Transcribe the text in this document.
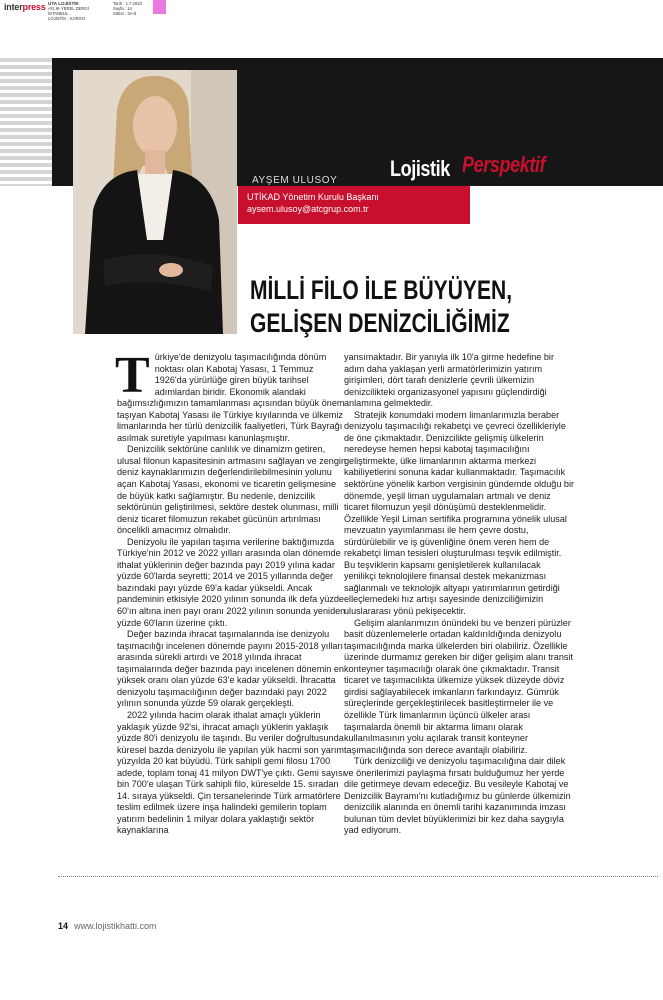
interpress UTA LOJİSTİK
AYLIK-YEREL DERGİ
İSTANBUL
LOJİSTİK - KARGO
Tarih : 1.7.2023
Sayfa : 14
Sütün : 3A-5
AYŞEM ULUSOY
UTİKAD Yönetim Kurulu Başkanı
aysem.ulusoy@atcgrup.com.tr
Lojistik Perspektif
MİLLİ FİLO İLE BÜYÜYEN,
GELİŞEN DENİZCİLİĞİMİZ

Türkiye'de denizyolu taşımacılığında dönüm noktası olan Kabotaj Yasası, 1 Temmuz 1926'da yürürlüğe giren büyük tarihsel adımlardan biridir. Ekonomik alandaki bağımsızlığımızın tamamlanması açısından büyük önem taşıyan Kabotaj Yasası ile Türkiye kıyılarında ve ülkemiz limanlarında her türlü denizcilik faaliyetleri, Türk Bayrağı asılmak suretiyle yapılması kanunlaşmıştır.

Denizcilik sektörüne canlılık ve dinamizm getiren, ulusal filonun kapasitesinin artmasını sağlayan ve zengin deniz kaynaklarımızın değerlendirilebilmesinin yolunu açan Kabotaj Yasası, ekonomi ve ticaretin gelişmesine de büyük katkı sağlamıştır. Bu nedenle, denizcilik sektörünün geliştirilmesi, sektöre destek olunması, milli deniz ticaret filomuzun rekabet gücünün artırılması öncelikli amacımız olmalıdır.

Denizyolu ile yapılan taşıma verilerine baktığımızda Türkiye'nin 2012 ve 2022 yılları arasında olan dönemde ithalat yüklerinin değer bazında payı 2019 yılına kadar yüzde 60'larda seyretti; 2014 ve 2015 yıllarında değer bazındaki payı yüzde 69'a kadar yükseldi. Ancak pandeminin etkisiyle 2020 yılının sonunda ilk defa yüzde 60'ın altına inen payı oranı 2022 yılının sonunda yeniden yüzde 60'ların üzerine çıktı.

Değer bazında ihracat taşımalarında ise denizyolu taşımacılığı incelenen dönemde payını 2015-2018 yılları arasında sürekli artırdı ve 2018 yılında ihracat taşımalarında değer bazında payı incelenen dönemin en yüksek oranı olan yüzde 63'e kadar yükseldi. İhracatta denizyolu taşımacılığının değer bazındaki payı 2022 yılının sonunda yüzde 59 olarak gerçekleşti.

2022 yılında hacim olarak ithalat amaçlı yüklerin yaklaşık yüzde 92'si, ihracat amaçlı yüklerin yaklaşık yüzde 80'i denizyolu ile taşındı. Bu veriler doğrultusunda küresel bazda denizyolu ile yapılan yük hacmi son yarım yüzyılda 20 kat büyüdü. Türk sahipli gemi filosu 1700 adede, toplam tonaj 41 milyon DWT'ye çıktı. Gemi sayısı bin 700'e ulaşan Türk sahipli filo, küreselde 15. sıradan 14. sıraya yükseldi. Çin tersanelerinde Türk armatörlere teslim edilmek üzere inşa halindeki gemilerin toplam yatırım bedelinin 1 milyar dolara yaklaştığı sektör kaynaklarına

yansımaktadır. Bir yanıyla ilk 10'a girme hedefine bir adım daha yaklaşan yerli armatörlerimizin yatırım girişimleri, dört tarafı denizlerle çevrili ülkemizin denizcilikteki organizasyonel yapısını güçlendirdiği anlamına gelmektedir.

Stratejik konumdaki modern limanlarımızla beraber denizyolu taşımacılığı rekabetçi ve çevreci özellikleriyle de öne çıkmaktadır. Denizcilikte gelişmiş ülkelerin neredeyse hemen hepsi kabotaj taşımacılığını geliştirmekte, ülke limanlarının aktarma merkezi kabiliyetlerini sonuna kadar kullanmaktadır. Taşımacılık sektörüne yönelik karbon vergisinin gündemde olduğu bir dönemde, yeşil liman uygulamaları artmalı ve deniz ticaret filomuzun yeşil dönüşümü desteklenmelidir. Özellikle Yeşil Liman sertifika programına yönelik ulusal mevzuatın yayımlanması ile hem çevre dostu, sürdürülebilir ve iş güvenliğine önem veren hem de rekabetçi liman tesisleri oluşturulması teşvik edilmiştir. Bu teşviklerin kapsamı genişletilerek kullanılacak yenilikçi teknolojilere finansal destek mekanizması sağlanmalı ve teknolojik altyapı yatırımlarının getirdiği elleçlemedeki hız artışı sayesinde denizciliğimizin uluslararası yönü pekişecektir.

Gelişim alanlarımızın önündeki bu ve benzeri pürüzler basit düzenlemelerle ortadan kaldırıldığında denizyolu taşımacılığında marka ülkelerden biri olabiliriz. Özellikle üzerinde durmamız gereken bir diğer gelişim alanı transit konteyner taşımacılığı olarak öne çıkmaktadır. Transit ticaret ve taşımacılıkta ülkemize yüksek düzeyde döviz girdisi sağlayabilecek imkanların farkındayız. Gümrük süreçlerinde gerçekleştirilecek basitleştirmeler ile ve özellikle Türk limanlarının üçüncü ülkeler arası taşımalarda önemli bir aktarma limanı olarak kullanılmasının yolu açılarak transit konteyner taşımacılığında son derece avantajlı olabiliriz.

Türk denizciliği ve denizyolu taşımacılığına dair dilek ve önerilerimizi paylaşma fırsatı bulduğumuz her yerde dile getirmeye devam edeceğiz. Bu vesileyle Kabotaj ve Denizcilik Bayramı'nı kutladığımız bu günlerde ülkemizin denizcilik alanında en önemli tarihi kazanımında imzası bulunan tüm devlet büyüklerimizi bir kez daha saygıyla yad ediyorum.

14 www.lojistikhatti.com
